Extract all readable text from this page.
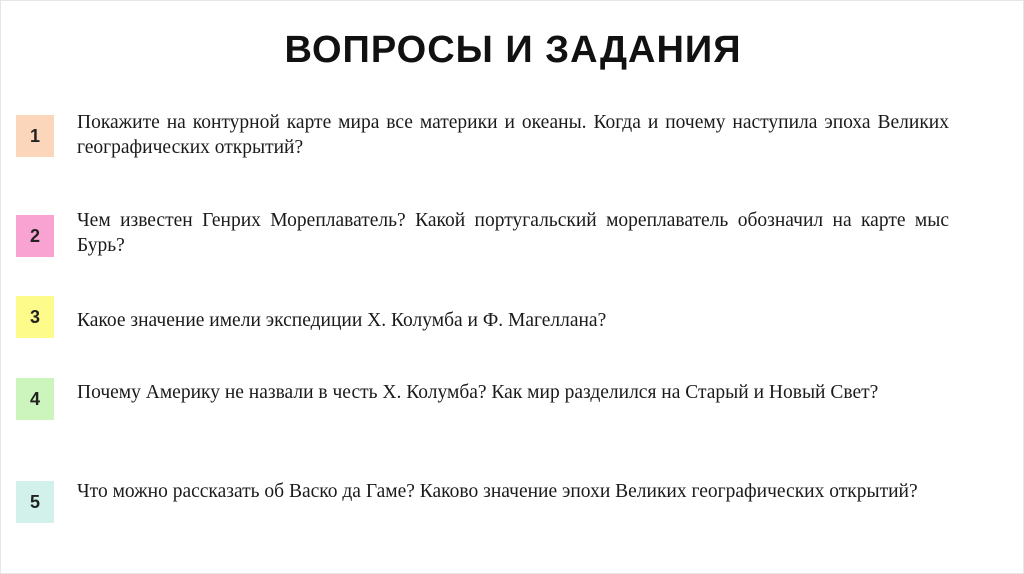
ВОПРОСЫ И ЗАДАНИЯ
1

Покажите на контурной карте мира все материки и океаны. Когда и почему наступила эпоха Великих географических открытий?

2

Чем известен Генрих Мореплаватель? Какой португальский мореплаватель обозначил на карте мыс Бурь?

3	Какое значение имели экспедиции Х. Колумба и Ф. Магеллана?

4	Почему Америку не назвали в честь Х. Колумба? Как мир разделился на Старый и Новый Свет?

5	Что можно рассказать об Васко да Гаме? Каково значение эпохи Великих географических открытий?
